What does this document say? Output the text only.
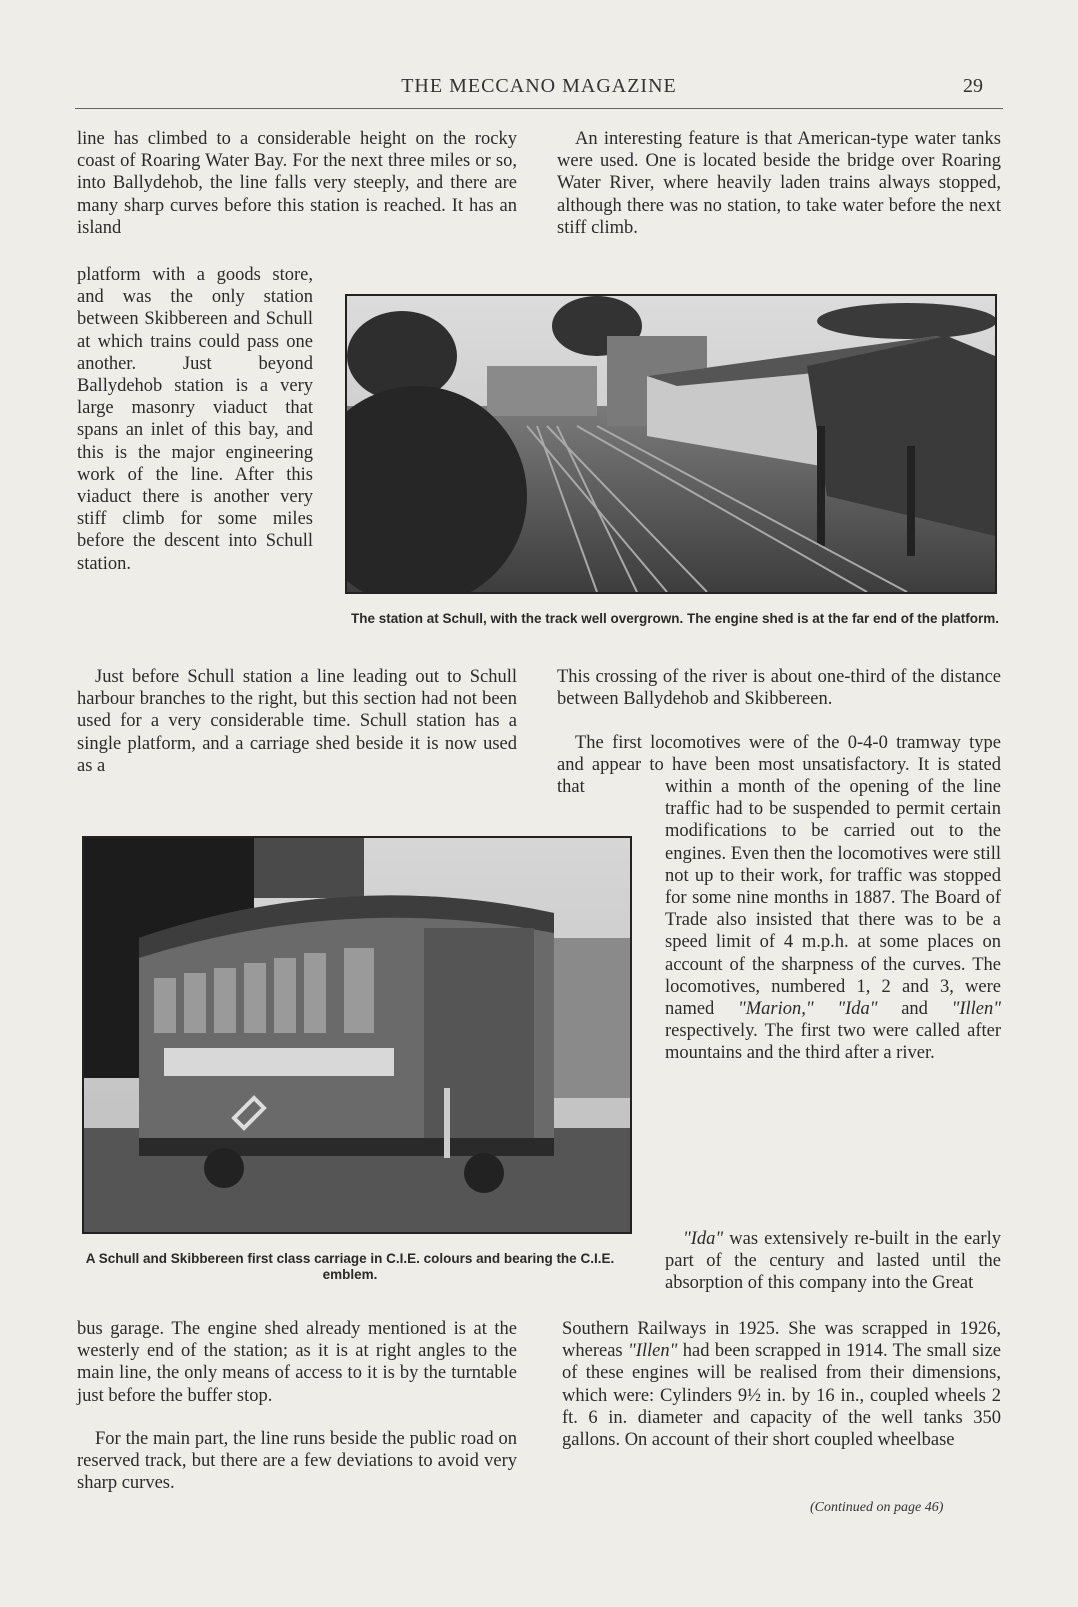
THE MECCANO MAGAZINE	29

line has climbed to a considerable height on the rocky coast of Roaring Water Bay. For the next three miles or so, into Ballydehob, the line falls very steeply, and there are many sharp curves before this station is reached. It has an island

platform with a goods store, and was the only station between Skibbereen and Schull at which trains could pass one another. Just beyond Ballydehob station is a very large masonry viaduct that spans an inlet of this bay, and this is the major engineering work of the line. After this viaduct there is another very stiff climb for some miles before the descent into Schull station.

An interesting feature is that American-type water tanks were used. One is located beside the bridge over Roaring Water River, where heavily laden trains always stopped, although there was no station, to take water before the next stiff climb.

The station at Schull, with the track well overgrown. The engine shed is at the far end of the platform.

Just before Schull station a line leading out to Schull harbour branches to the right, but this section had not been used for a very considerable time. Schull station has a single platform, and a carriage shed beside it is now used as a

This crossing of the river is about one-third of the distance between Ballydehob and Skibbereen.

The first locomotives were of the 0-4-0 tramway type and appear to have been most unsatisfactory. It is stated that

A Schull and Skibbereen first class carriage in C.I.E. colours and bearing the C.I.E. emblem.

within a month of the opening of the line traffic had to be suspended to permit certain modifications to be carried out to the engines. Even then the locomotives were still not up to their work, for traffic was stopped for some nine months in 1887. The Board of Trade also insisted that there was to be a speed limit of 4 m.p.h. at some places on account of the sharpness of the curves. The locomotives, numbered 1, 2 and 3, were named "Marion," "Ida" and "Illen" respectively. The first two were called after mountains and the third after a river.

"Ida" was extensively re-built in the early part of the century and lasted until the absorption of this company into the Great

bus garage. The engine shed already mentioned is at the westerly end of the station; as it is at right angles to the main line, the only means of access to it is by the turntable just before the buffer stop.

For the main part, the line runs beside the public road on reserved track, but there are a few deviations to avoid very sharp curves.

Southern Railways in 1925. She was scrapped in 1926, whereas "Illen" had been scrapped in 1914. The small size of these engines will be realised from their dimensions, which were: Cylinders 9½ in. by 16 in., coupled wheels 2 ft. 6 in. diameter and capacity of the well tanks 350 gallons. On account of their short coupled wheelbase

(Continued on page 46)
